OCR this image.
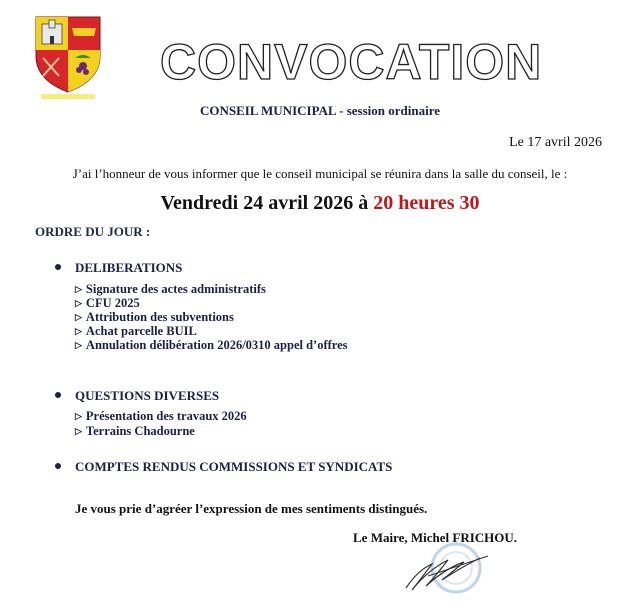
CONVOCATION
CONSEIL MUNICIPAL - session ordinaire
Le 17 avril 2026
J’ai l’honneur de vous informer que le conseil municipal se réunira dans la salle du conseil, le :
Vendredi 24 avril 2026 à 20 heures 30
ORDRE DU JOUR :
DELIBERATIONS
▷ Signature des actes administratifs
▷ CFU 2025
▷ Attribution des subventions
▷ Achat parcelle BUIL
▷ Annulation délibération 2026/0310 appel d’offres
QUESTIONS DIVERSES
▷ Présentation des travaux 2026
▷ Terrains Chadourne
COMPTES RENDUS COMMISSIONS ET SYNDICATS
Je vous prie d’agréer l’expression de mes sentiments distingués.
Le Maire, Michel FRICHOU.
